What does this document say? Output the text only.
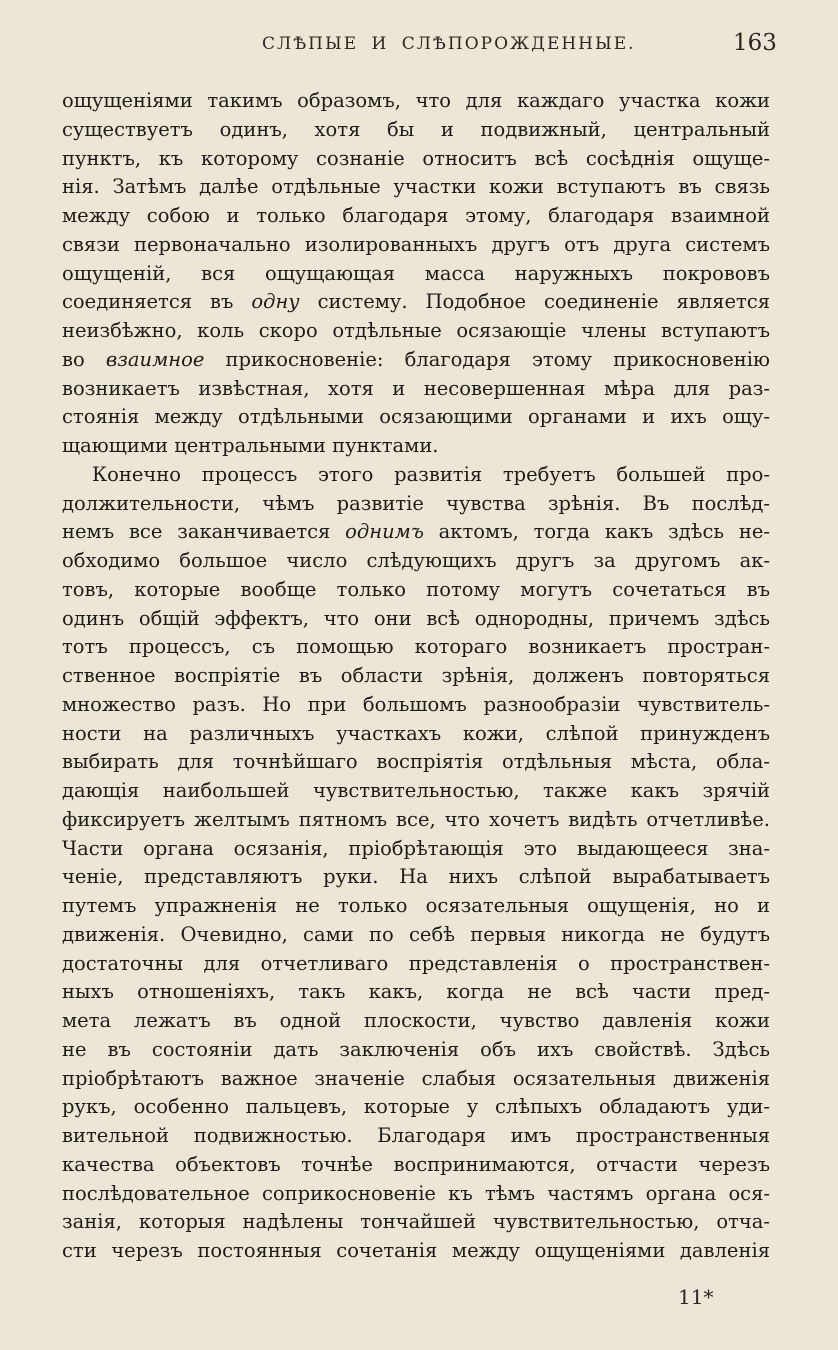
СЛѢПЫЕ И СЛѢПОРОЖДЕННЫЕ.	163
ощущеніями такимъ образомъ, что для каждаго участка кожи
существуетъ одинъ, хотя бы и подвижный, центральный
пунктъ, къ которому сознаніе относитъ всѣ сосѣднія ощуще-
нія. Затѣмъ далѣе отдѣльные участки кожи вступаютъ въ связь
между собою и только благодаря этому, благодаря взаимной
связи первоначально изолированныхъ другъ отъ друга системъ
ощущеній, вся ощущающая масса наружныхъ покрововъ
соединяется въ одну систему. Подобное соединеніе является
неизбѣжно, коль скоро отдѣльные осязающіе члены вступаютъ
во взаимное прикосновеніе: благодаря этому прикосновенію
возникаетъ извѣстная, хотя и несовершенная мѣра для раз-
стоянія между отдѣльными осязающими органами и ихъ ощу-
щающими центральными пунктами.
Конечно процессъ этого развитія требуетъ большей про-
должительности, чѣмъ развитіе чувства зрѣнія. Въ послѣд-
немъ все заканчивается однимъ актомъ, тогда какъ здѣсь не-
обходимо большое число слѣдующихъ другъ за другомъ ак-
товъ, которые вообще только потому могутъ сочетаться въ
одинъ общій эффектъ, что они всѣ однородны, причемъ здѣсь
тотъ процессъ, съ помощью котораго возникаетъ простран-
ственное воспріятіе въ области зрѣнія, долженъ повторяться
множество разъ. Но при большомъ разнообразіи чувствитель-
ности на различныхъ участкахъ кожи, слѣпой принужденъ
выбирать для точнѣйшаго воспріятія отдѣльныя мѣста, обла-
дающія наибольшей чувствительностью, также какъ зрячій
фиксируетъ желтымъ пятномъ все, что хочетъ видѣть отчетливѣе.
Части органа осязанія, пріобрѣтающія это выдающееся зна-
ченіе, представляютъ руки. На нихъ слѣпой вырабатываетъ
путемъ упражненія не только осязательныя ощущенія, но и
движенія. Очевидно, сами по себѣ первыя никогда не будутъ
достаточны для отчетливаго представленія о пространствен-
ныхъ отношеніяхъ, такъ какъ, когда не всѣ части пред-
мета лежатъ въ одной плоскости, чувство давленія кожи
не въ состояніи дать заключенія объ ихъ свойствѣ. Здѣсь
пріобрѣтаютъ важное значеніе слабыя осязательныя движенія
рукъ, особенно пальцевъ, которые у слѣпыхъ обладаютъ уди-
вительной подвижностью. Благодаря имъ пространственныя
качества объектовъ точнѣе воспринимаются, отчасти черезъ
послѣдовательное соприкосновеніе къ тѣмъ частямъ органа ося-
занія, которыя надѣлены тончайшей чувствительностью, отча-
сти черезъ постоянныя сочетанія между ощущеніями давленія
11*
